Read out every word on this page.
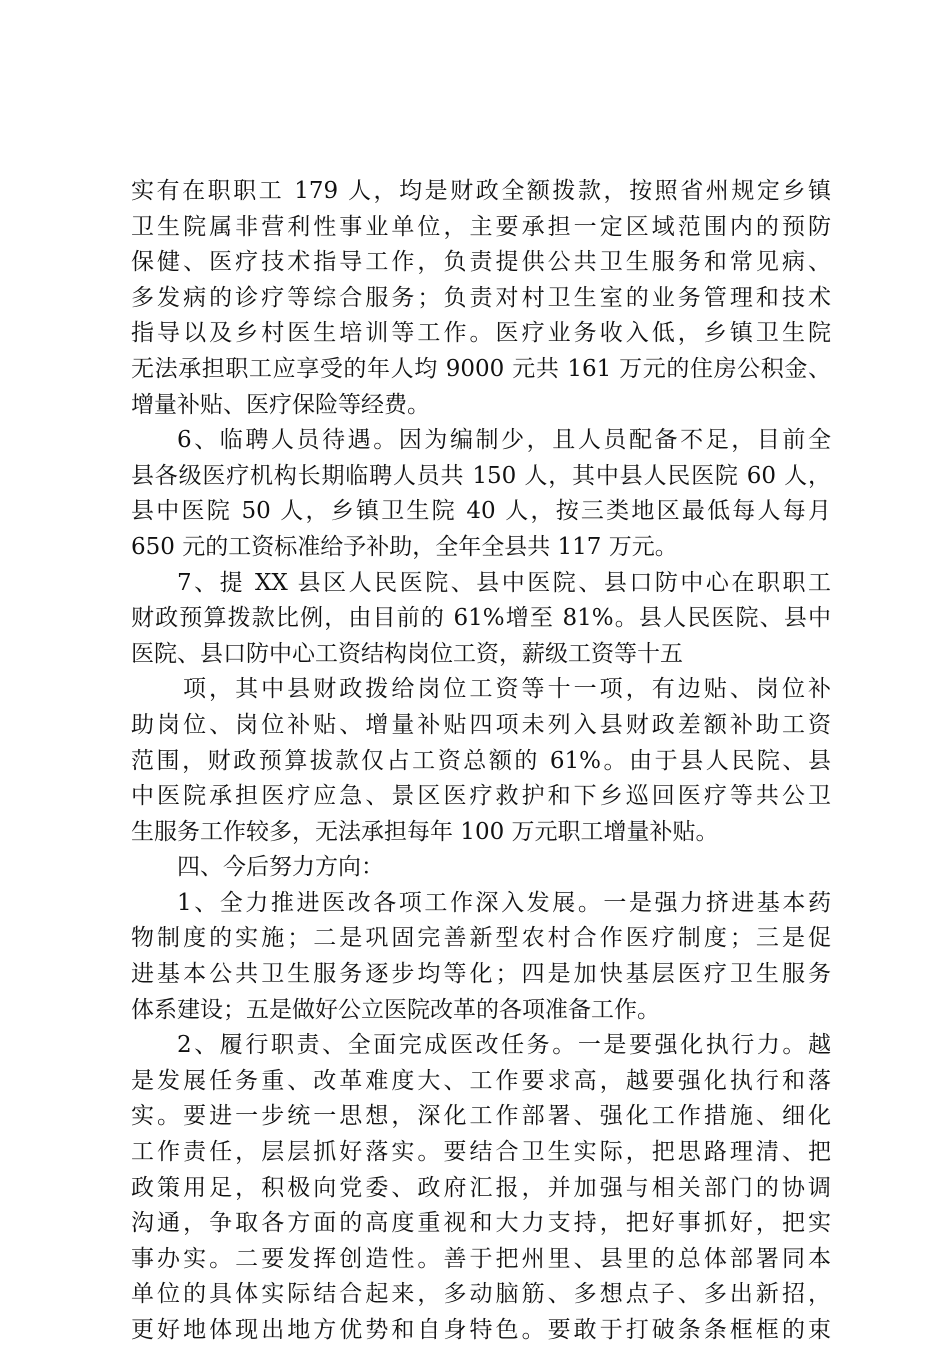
实有在职职工 179 人，均是财政全额拨款，按照省州规定乡镇
卫生院属非营利性事业单位，主要承担一定区域范围内的预防
保健、医疗技术指导工作，负责提供公共卫生服务和常见病、
多发病的诊疗等综合服务；负责对村卫生室的业务管理和技术
指导以及乡村医生培训等工作。医疗业务收入低，乡镇卫生院
无法承担职工应享受的年人均 9000 元共 161 万元的住房公积金、
增量补贴、医疗保险等经费。
6、临聘人员待遇。因为编制少，且人员配备不足，目前全
县各级医疗机构长期临聘人员共 150 人，其中县人民医院 60 人，
县中医院 50 人，乡镇卫生院 40 人，按三类地区最低每人每月
650 元的工资标准给予补助，全年全县共 117 万元。
7、提 XX 县区人民医院、县中医院、县口防中心在职职工
财政预算拨款比例，由目前的 61%增至 81%。县人民医院、县中
医院、县口防中心工资结构岗位工资，薪级工资等十五
项，其中县财政拨给岗位工资等十一项，有边贴、岗位补
助岗位、岗位补贴、增量补贴四项未列入县财政差额补助工资
范围，财政预算拔款仅占工资总额的 61%。由于县人民院、县
中医院承担医疗应急、景区医疗救护和下乡巡回医疗等共公卫
生服务工作较多，无法承担每年 100 万元职工增量补贴。
四、今后努力方向：
1、全力推进医改各项工作深入发展。一是强力挤进基本药
物制度的实施；二是巩固完善新型农村合作医疗制度；三是促
进基本公共卫生服务逐步均等化；四是加快基层医疗卫生服务
体系建设；五是做好公立医院改革的各项准备工作。
2、履行职责、全面完成医改任务。一是要强化执行力。越
是发展任务重、改革难度大、工作要求高，越要强化执行和落
实。要进一步统一思想，深化工作部署、强化工作措施、细化
工作责任，层层抓好落实。要结合卫生实际，把思路理清、把
政策用足，积极向党委、政府汇报，并加强与相关部门的协调
沟通，争取各方面的高度重视和大力支持，把好事抓好，把实
事办实。二要发挥创造性。善于把州里、县里的总体部署同本
单位的具体实际结合起来，多动脑筋、多想点子、多出新招，
更好地体现出地方优势和自身特色。要敢于打破条条框框的束
